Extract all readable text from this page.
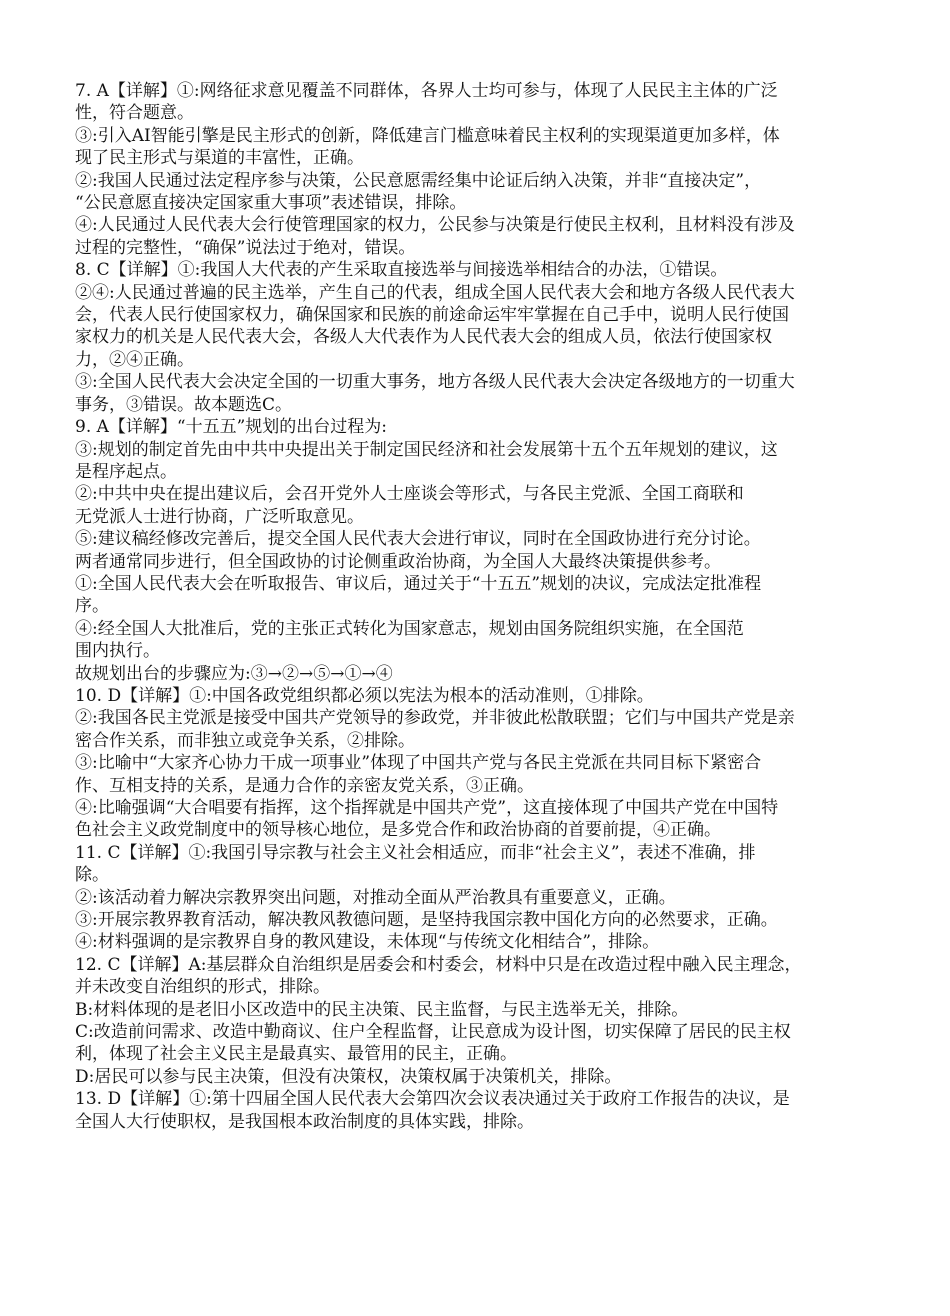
7. A【详解】①:网络征求意见覆盖不同群体，各界人士均可参与，体现了人民民主主体的广泛

性，符合题意。

③:引入AI智能引擎是民主形式的创新，降低建言门槛意味着民主权利的实现渠道更加多样，体

现了民主形式与渠道的丰富性，正确。

②:我国人民通过法定程序参与决策，公民意愿需经集中论证后纳入决策，并非“直接决定”，

“公民意愿直接决定国家重大事项”表述错误，排除。

④:人民通过人民代表大会行使管理国家的权力，公民参与决策是行使民主权利，且材料没有涉及

过程的完整性，“确保”说法过于绝对，错误。

8. C【详解】①:我国人大代表的产生采取直接选举与间接选举相结合的办法，①错误。

②④:人民通过普遍的民主选举，产生自己的代表，组成全国人民代表大会和地方各级人民代表大

会，代表人民行使国家权力，确保国家和民族的前途命运牢牢掌握在自己手中，说明人民行使国

家权力的机关是人民代表大会，各级人大代表作为人民代表大会的组成人员，依法行使国家权

力，②④正确。

③:全国人民代表大会决定全国的一切重大事务，地方各级人民代表大会决定各级地方的一切重大

事务，③错误。故本题选C。

9. A【详解】“十五五”规划的出台过程为:

③:规划的制定首先由中共中央提出关于制定国民经济和社会发展第十五个五年规划的建议，这

是程序起点。

②:中共中央在提出建议后，会召开党外人士座谈会等形式，与各民主党派、全国工商联和

无党派人士进行协商，广泛听取意见。

⑤:建议稿经修改完善后，提交全国人民代表大会进行审议，同时在全国政协进行充分讨论。

两者通常同步进行，但全国政协的讨论侧重政治协商，为全国人大最终决策提供参考。

①:全国人民代表大会在听取报告、审议后，通过关于“十五五”规划的决议，完成法定批准程

序。

④:经全国人大批准后，党的主张正式转化为国家意志，规划由国务院组织实施，在全国范

围内执行。

故规划出台的步骤应为:③→②→⑤→①→④

10. D【详解】①:中国各政党组织都必须以宪法为根本的活动准则，①排除。

②:我国各民主党派是接受中国共产党领导的参政党，并非彼此松散联盟；它们与中国共产党是亲

密合作关系，而非独立或竞争关系，②排除。

③:比喻中“大家齐心协力干成一项事业”体现了中国共产党与各民主党派在共同目标下紧密合

作、互相支持的关系，是通力合作的亲密友党关系，③正确。

④:比喻强调“大合唱要有指挥，这个指挥就是中国共产党”，这直接体现了中国共产党在中国特

色社会主义政党制度中的领导核心地位，是多党合作和政治协商的首要前提，④正确。

11. C【详解】①:我国引导宗教与社会主义社会相适应，而非“社会主义”，表述不准确，排

除。

②:该活动着力解决宗教界突出问题，对推动全面从严治教具有重要意义，正确。

③:开展宗教界教育活动，解决教风教德问题，是坚持我国宗教中国化方向的必然要求，正确。

④:材料强调的是宗教界自身的教风建设，未体现“与传统文化相结合”，排除。

12. C【详解】A:基层群众自治组织是居委会和村委会，材料中只是在改造过程中融入民主理念，

并未改变自治组织的形式，排除。

B:材料体现的是老旧小区改造中的民主决策、民主监督，与民主选举无关，排除。

C:改造前问需求、改造中勤商议、住户全程监督，让民意成为设计图，切实保障了居民的民主权

利，体现了社会主义民主是最真实、最管用的民主，正确。

D:居民可以参与民主决策，但没有决策权，决策权属于决策机关，排除。

13. D【详解】①:第十四届全国人民代表大会第四次会议表决通过关于政府工作报告的决议，是

全国人大行使职权，是我国根本政治制度的具体实践，排除。
